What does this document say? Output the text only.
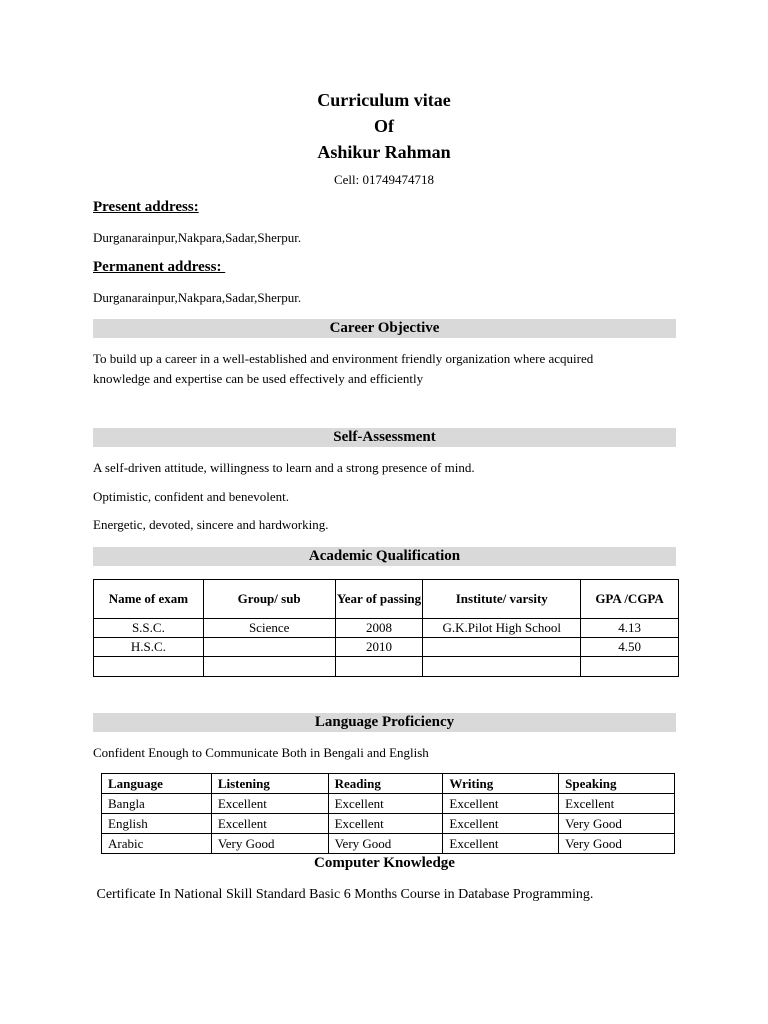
Curriculum vitae
Of
Ashikur Rahman
Cell: 01749474718
Present address:
Durganarainpur,Nakpara,Sadar,Sherpur.
Permanent address:
Durganarainpur,Nakpara,Sadar,Sherpur.
Career Objective
To build up a career in a well-established and environment friendly organization where acquired knowledge and expertise can be used effectively and efficiently
Self-Assessment
A self-driven attitude, willingness to learn and a strong presence of mind.
Optimistic, confident and benevolent.
Energetic, devoted, sincere and hardworking.
Academic Qualification
Name of exam	Group/ sub	Year of passing	Institute/ varsity	GPA /CGPA
S.S.C.	Science	2008	G.K.Pilot High School	4.13
H.S.C.		2010		4.50

Language Proficiency
Confident Enough to Communicate Both in Bengali and English
Language	Listening	Reading	Writing	Speaking
Bangla	Excellent	Excellent	Excellent	Excellent
English	Excellent	Excellent	Excellent	Very Good
Arabic	Very Good	Very Good	Excellent	Very Good
Computer Knowledge
Certificate In National Skill Standard Basic 6 Months Course in Database Programming.
